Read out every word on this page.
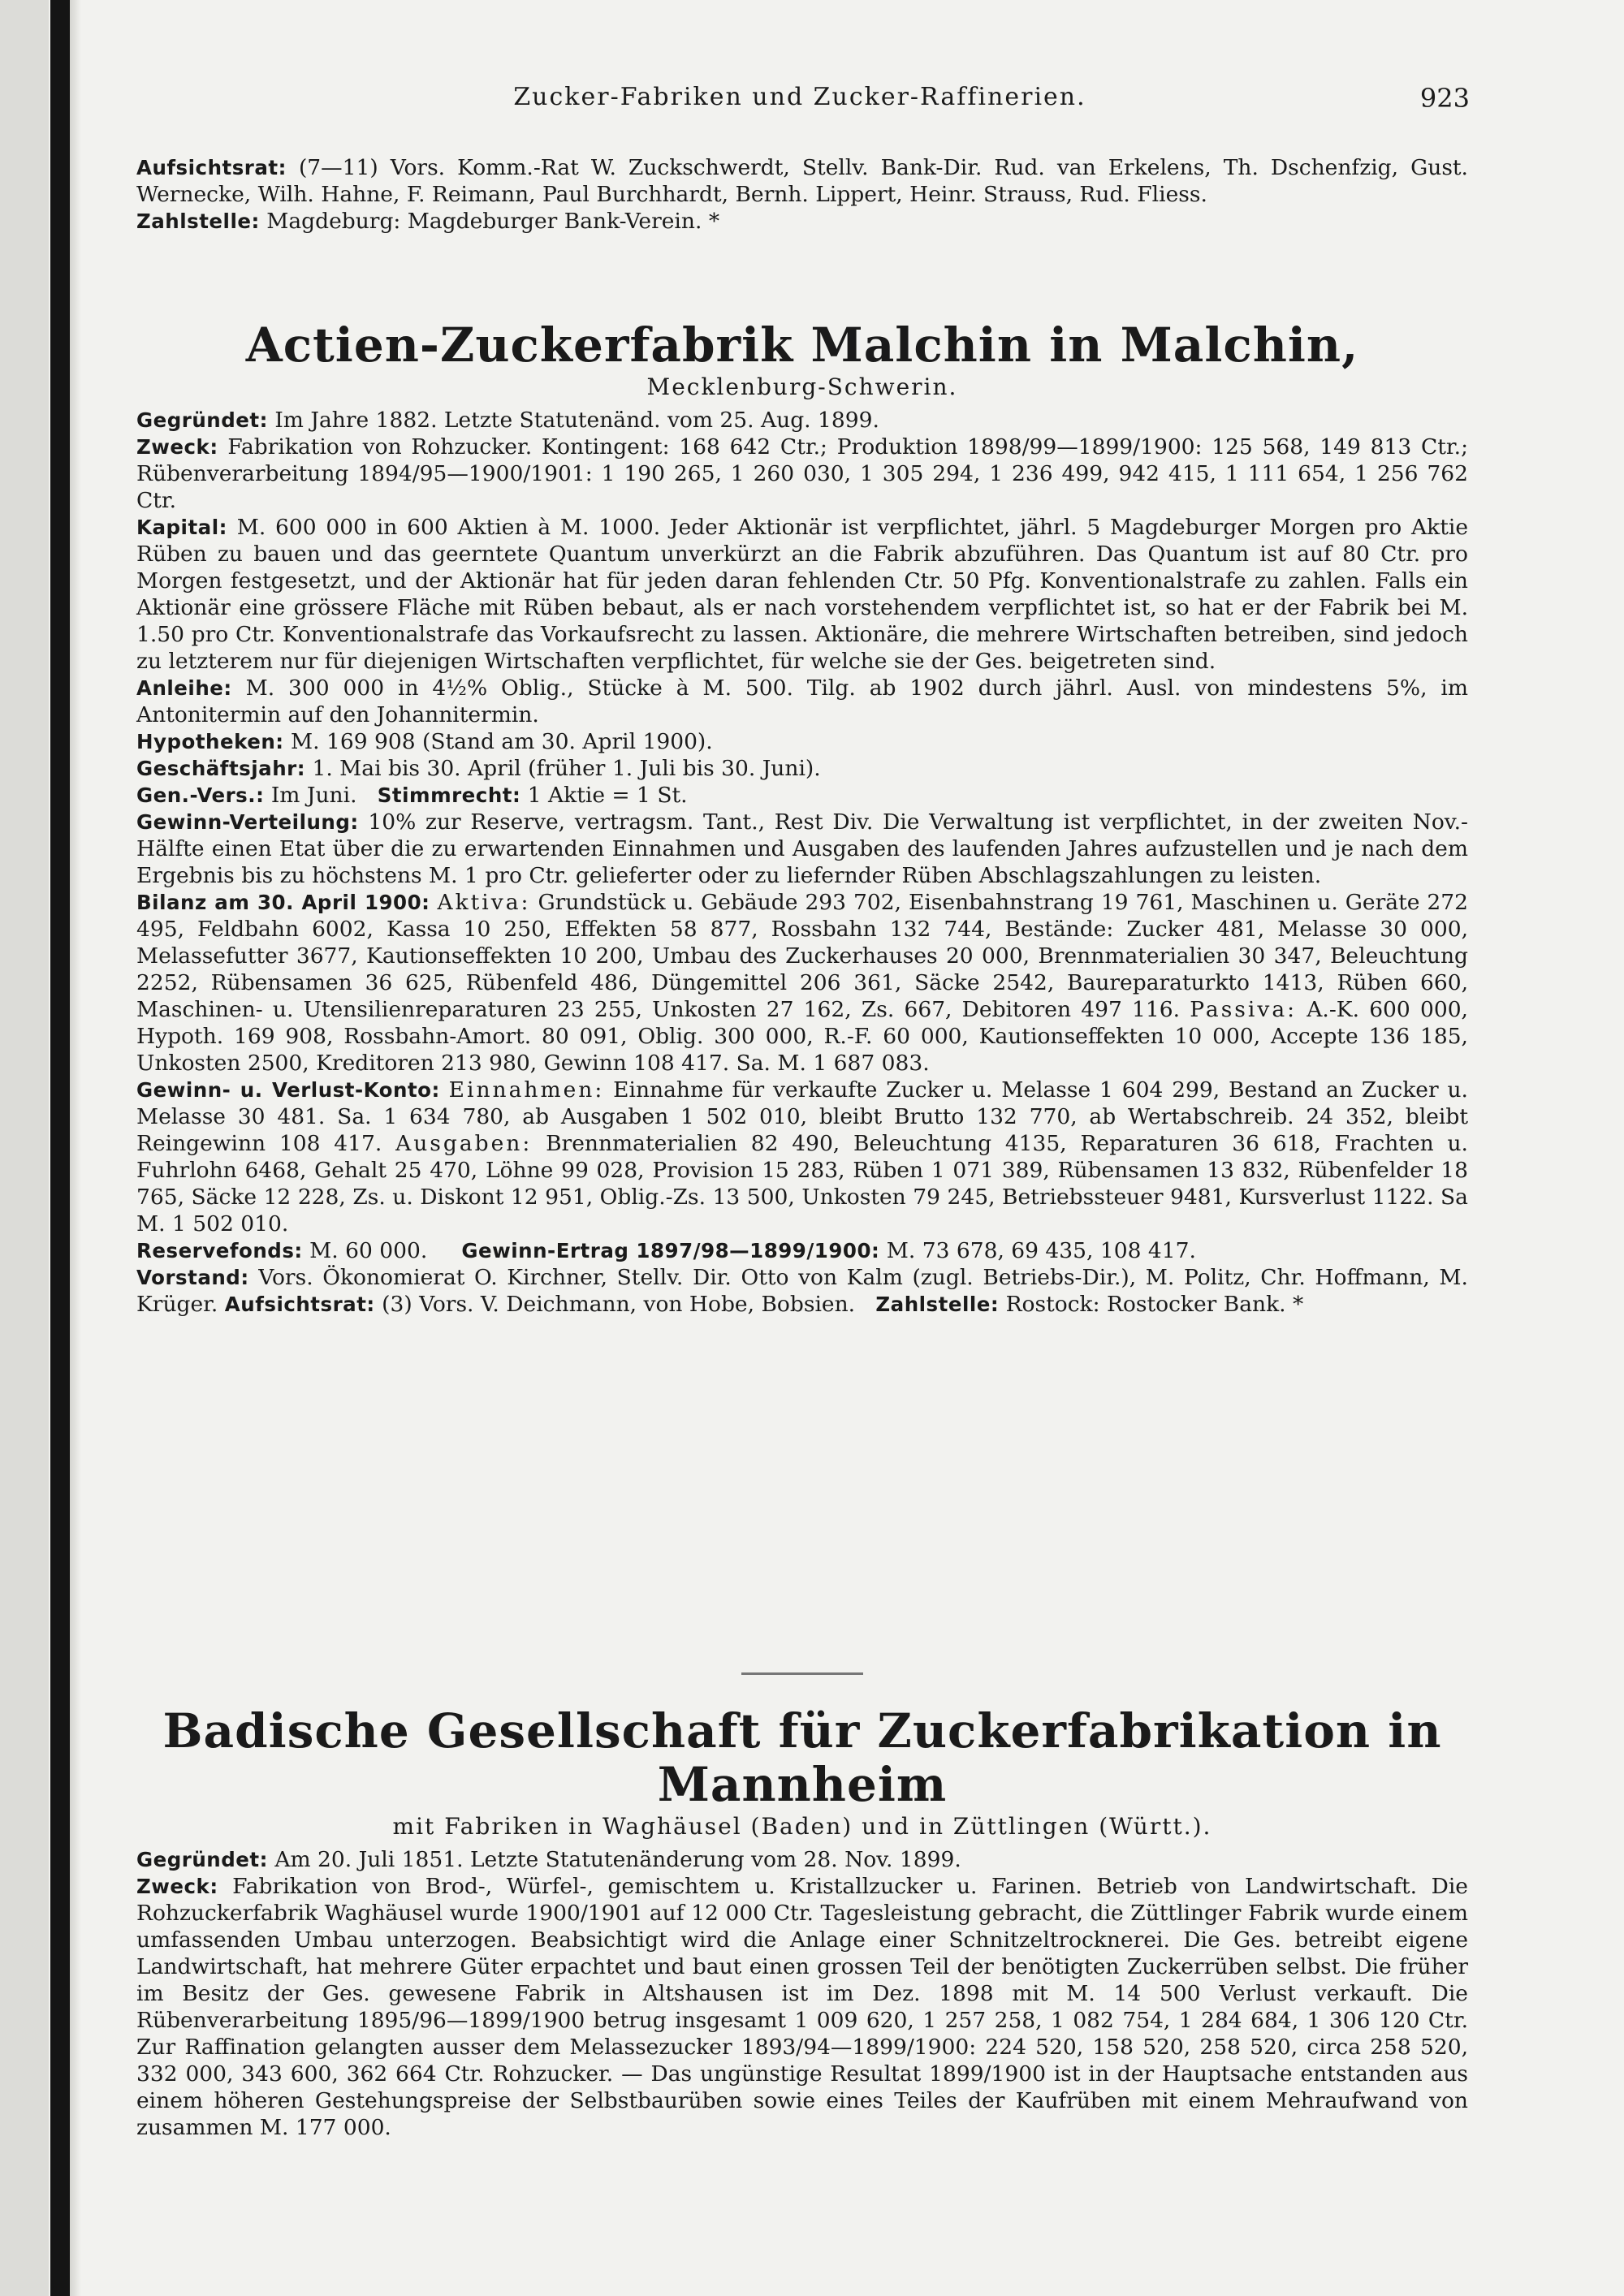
Zucker-Fabriken und Zucker-Raffinerien.	923

Aufsichtsrat: (7—11) Vors. Komm.-Rat W. Zuckschwerdt, Stellv. Bank-Dir. Rud. van Erkelens, Th. Dschenfzig, Gust. Wernecke, Wilh. Hahne, F. Reimann, Paul Burchhardt, Bernh. Lippert, Heinr. Strauss, Rud. Fliess.

Zahlstelle: Magdeburg: Magdeburger Bank-Verein. *

Actien-Zuckerfabrik Malchin in Malchin,
Mecklenburg-Schwerin.

Gegründet: Im Jahre 1882. Letzte Statutenänd. vom 25. Aug. 1899.

Zweck: Fabrikation von Rohzucker. Kontingent: 168 642 Ctr.; Produktion 1898/99—1899/1900: 125 568, 149 813 Ctr.; Rübenverarbeitung 1894/95—1900/1901: 1 190 265, 1 260 030, 1 305 294, 1 236 499, 942 415, 1 111 654, 1 256 762 Ctr.

Kapital: M. 600 000 in 600 Aktien à M. 1000. Jeder Aktionär ist verpflichtet, jährl. 5 Magdeburger Morgen pro Aktie Rüben zu bauen und das geerntete Quantum unverkürzt an die Fabrik abzuführen. Das Quantum ist auf 80 Ctr. pro Morgen festgesetzt, und der Aktionär hat für jeden daran fehlenden Ctr. 50 Pfg. Konventionalstrafe zu zahlen. Falls ein Aktionär eine grössere Fläche mit Rüben bebaut, als er nach vorstehendem verpflichtet ist, so hat er der Fabrik bei M. 1.50 pro Ctr. Konventionalstrafe das Vorkaufsrecht zu lassen. Aktionäre, die mehrere Wirtschaften betreiben, sind jedoch zu letzterem nur für diejenigen Wirtschaften verpflichtet, für welche sie der Ges. beigetreten sind.

Anleihe: M. 300 000 in 4½% Oblig., Stücke à M. 500. Tilg. ab 1902 durch jährl. Ausl. von mindestens 5%, im Antonitermin auf den Johannitermin.

Hypotheken: M. 169 908 (Stand am 30. April 1900).

Geschäftsjahr: 1. Mai bis 30. April (früher 1. Juli bis 30. Juni).

Gen.-Vers.: Im Juni. Stimmrecht: 1 Aktie = 1 St.

Gewinn-Verteilung: 10% zur Reserve, vertragsm. Tant., Rest Div. Die Verwaltung ist verpflichtet, in der zweiten Nov.-Hälfte einen Etat über die zu erwartenden Einnahmen und Ausgaben des laufenden Jahres aufzustellen und je nach dem Ergebnis bis zu höchstens M. 1 pro Ctr. gelieferter oder zu liefernder Rüben Abschlagszahlungen zu leisten.

Bilanz am 30. April 1900: Aktiva: Grundstück u. Gebäude 293 702, Eisenbahnstrang 19 761, Maschinen u. Geräte 272 495, Feldbahn 6002, Kassa 10 250, Effekten 58 877, Rossbahn 132 744, Bestände: Zucker 481, Melasse 30 000, Melassefutter 3677, Kautionseffekten 10 200, Umbau des Zuckerhauses 20 000, Brennmaterialien 30 347, Beleuchtung 2252, Rübensamen 36 625, Rübenfeld 486, Düngemittel 206 361, Säcke 2542, Baureparaturkto 1413, Rüben 660, Maschinen- u. Utensilienreparaturen 23 255, Unkosten 27 162, Zs. 667, Debitoren 497 116. Passiva: A.-K. 600 000, Hypoth. 169 908, Rossbahn-Amort. 80 091, Oblig. 300 000, R.-F. 60 000, Kautionseffekten 10 000, Accepte 136 185, Unkosten 2500, Kreditoren 213 980, Gewinn 108 417. Sa. M. 1 687 083.

Gewinn- u. Verlust-Konto: Einnahmen: Einnahme für verkaufte Zucker u. Melasse 1 604 299, Bestand an Zucker u. Melasse 30 481. Sa. 1 634 780, ab Ausgaben 1 502 010, bleibt Brutto 132 770, ab Wertabschreib. 24 352, bleibt Reingewinn 108 417. Ausgaben: Brennmaterialien 82 490, Beleuchtung 4135, Reparaturen 36 618, Frachten u. Fuhrlohn 6468, Gehalt 25 470, Löhne 99 028, Provision 15 283, Rüben 1 071 389, Rübensamen 13 832, Rübenfelder 18 765, Säcke 12 228, Zs. u. Diskont 12 951, Oblig.-Zs. 13 500, Unkosten 79 245, Betriebssteuer 9481, Kursverlust 1122. Sa M. 1 502 010.

Reservefonds: M. 60 000. Gewinn-Ertrag 1897/98—1899/1900: M. 73 678, 69 435, 108 417.

Vorstand: Vors. Ökonomierat O. Kirchner, Stellv. Dir. Otto von Kalm (zugl. Betriebs-Dir.), M. Politz, Chr. Hoffmann, M. Krüger. Aufsichtsrat: (3) Vors. V. Deichmann, von Hobe, Bobsien. Zahlstelle: Rostock: Rostocker Bank. *

Badische Gesellschaft für Zuckerfabrikation in Mannheim
mit Fabriken in Waghäusel (Baden) und in Züttlingen (Württ.).

Gegründet: Am 20. Juli 1851. Letzte Statutenänderung vom 28. Nov. 1899.

Zweck: Fabrikation von Brod-, Würfel-, gemischtem u. Kristallzucker u. Farinen. Betrieb von Landwirtschaft. Die Rohzuckerfabrik Waghäusel wurde 1900/1901 auf 12 000 Ctr. Tagesleistung gebracht, die Züttlinger Fabrik wurde einem umfassenden Umbau unterzogen. Beabsichtigt wird die Anlage einer Schnitzeltrocknerei. Die Ges. betreibt eigene Landwirtschaft, hat mehrere Güter erpachtet und baut einen grossen Teil der benötigten Zuckerrüben selbst. Die früher im Besitz der Ges. gewesene Fabrik in Altshausen ist im Dez. 1898 mit M. 14 500 Verlust verkauft. Die Rübenverarbeitung 1895/96—1899/1900 betrug insgesamt 1 009 620, 1 257 258, 1 082 754, 1 284 684, 1 306 120 Ctr. Zur Raffination gelangten ausser dem Melassezucker 1893/94—1899/1900: 224 520, 158 520, 258 520, circa 258 520, 332 000, 343 600, 362 664 Ctr. Rohzucker. — Das ungünstige Resultat 1899/1900 ist in der Hauptsache entstanden aus einem höheren Gestehungspreise der Selbstbaurüben sowie eines Teiles der Kaufrüben mit einem Mehraufwand von zusammen M. 177 000.
